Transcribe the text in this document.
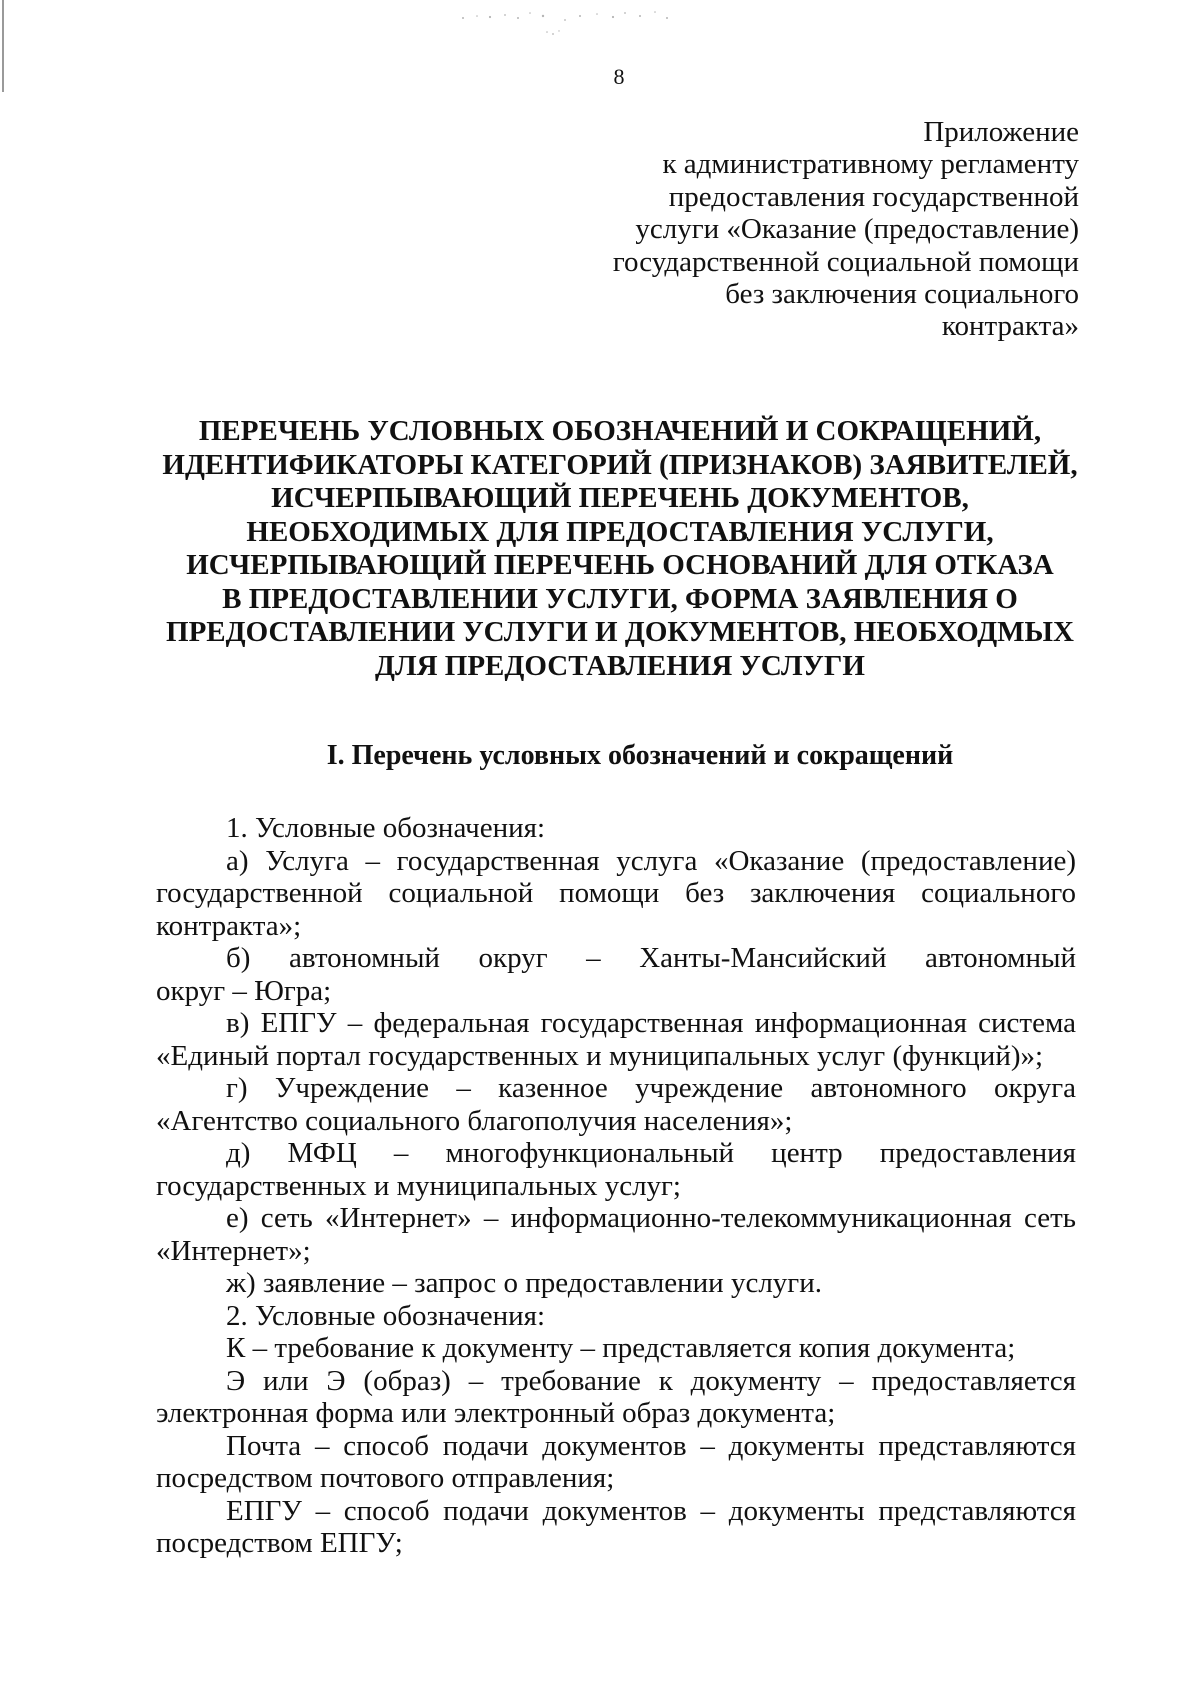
8
Приложение
к административному регламенту
предоставления государственной
услуги «Оказание (предоставление)
государственной социальной помощи
без заключения социального
контракта»
ПЕРЕЧЕНЬ УСЛОВНЫХ ОБОЗНАЧЕНИЙ И СОКРАЩЕНИЙ,
ИДЕНТИФИКАТОРЫ КАТЕГОРИЙ (ПРИЗНАКОВ) ЗАЯВИТЕЛЕЙ,
ИСЧЕРПЫВАЮЩИЙ ПЕРЕЧЕНЬ ДОКУМЕНТОВ,
НЕОБХОДИМЫХ ДЛЯ ПРЕДОСТАВЛЕНИЯ УСЛУГИ,
ИСЧЕРПЫВАЮЩИЙ ПЕРЕЧЕНЬ ОСНОВАНИЙ ДЛЯ ОТКАЗА
В ПРЕДОСТАВЛЕНИИ УСЛУГИ, ФОРМА ЗАЯВЛЕНИЯ О
ПРЕДОСТАВЛЕНИИ УСЛУГИ И ДОКУМЕНТОВ, НЕОБХОДМЫХ
ДЛЯ ПРЕДОСТАВЛЕНИЯ УСЛУГИ
I. Перечень условных обозначений и сокращений
1. Условные обозначения:
а) Услуга – государственная услуга «Оказание (предоставление)
государственной социальной помощи без заключения социального
контракта»;
б) автономный округ – Ханты-Мансийский автономный
округ – Югра;
в) ЕПГУ – федеральная государственная информационная система
«Единый портал государственных и муниципальных услуг (функций)»;
г) Учреждение – казенное учреждение автономного округа
«Агентство социального благополучия населения»;
д) МФЦ – многофункциональный центр предоставления
государственных и муниципальных услуг;
е) сеть «Интернет» – информационно-телекоммуникационная сеть
«Интернет»;
ж) заявление – запрос о предоставлении услуги.
2. Условные обозначения:
К – требование к документу – представляется копия документа;
Э или Э (образ) – требование к документу – предоставляется
электронная форма или электронный образ документа;
Почта – способ подачи документов – документы представляются
посредством почтового отправления;
ЕПГУ – способ подачи документов – документы представляются
посредством ЕПГУ;
